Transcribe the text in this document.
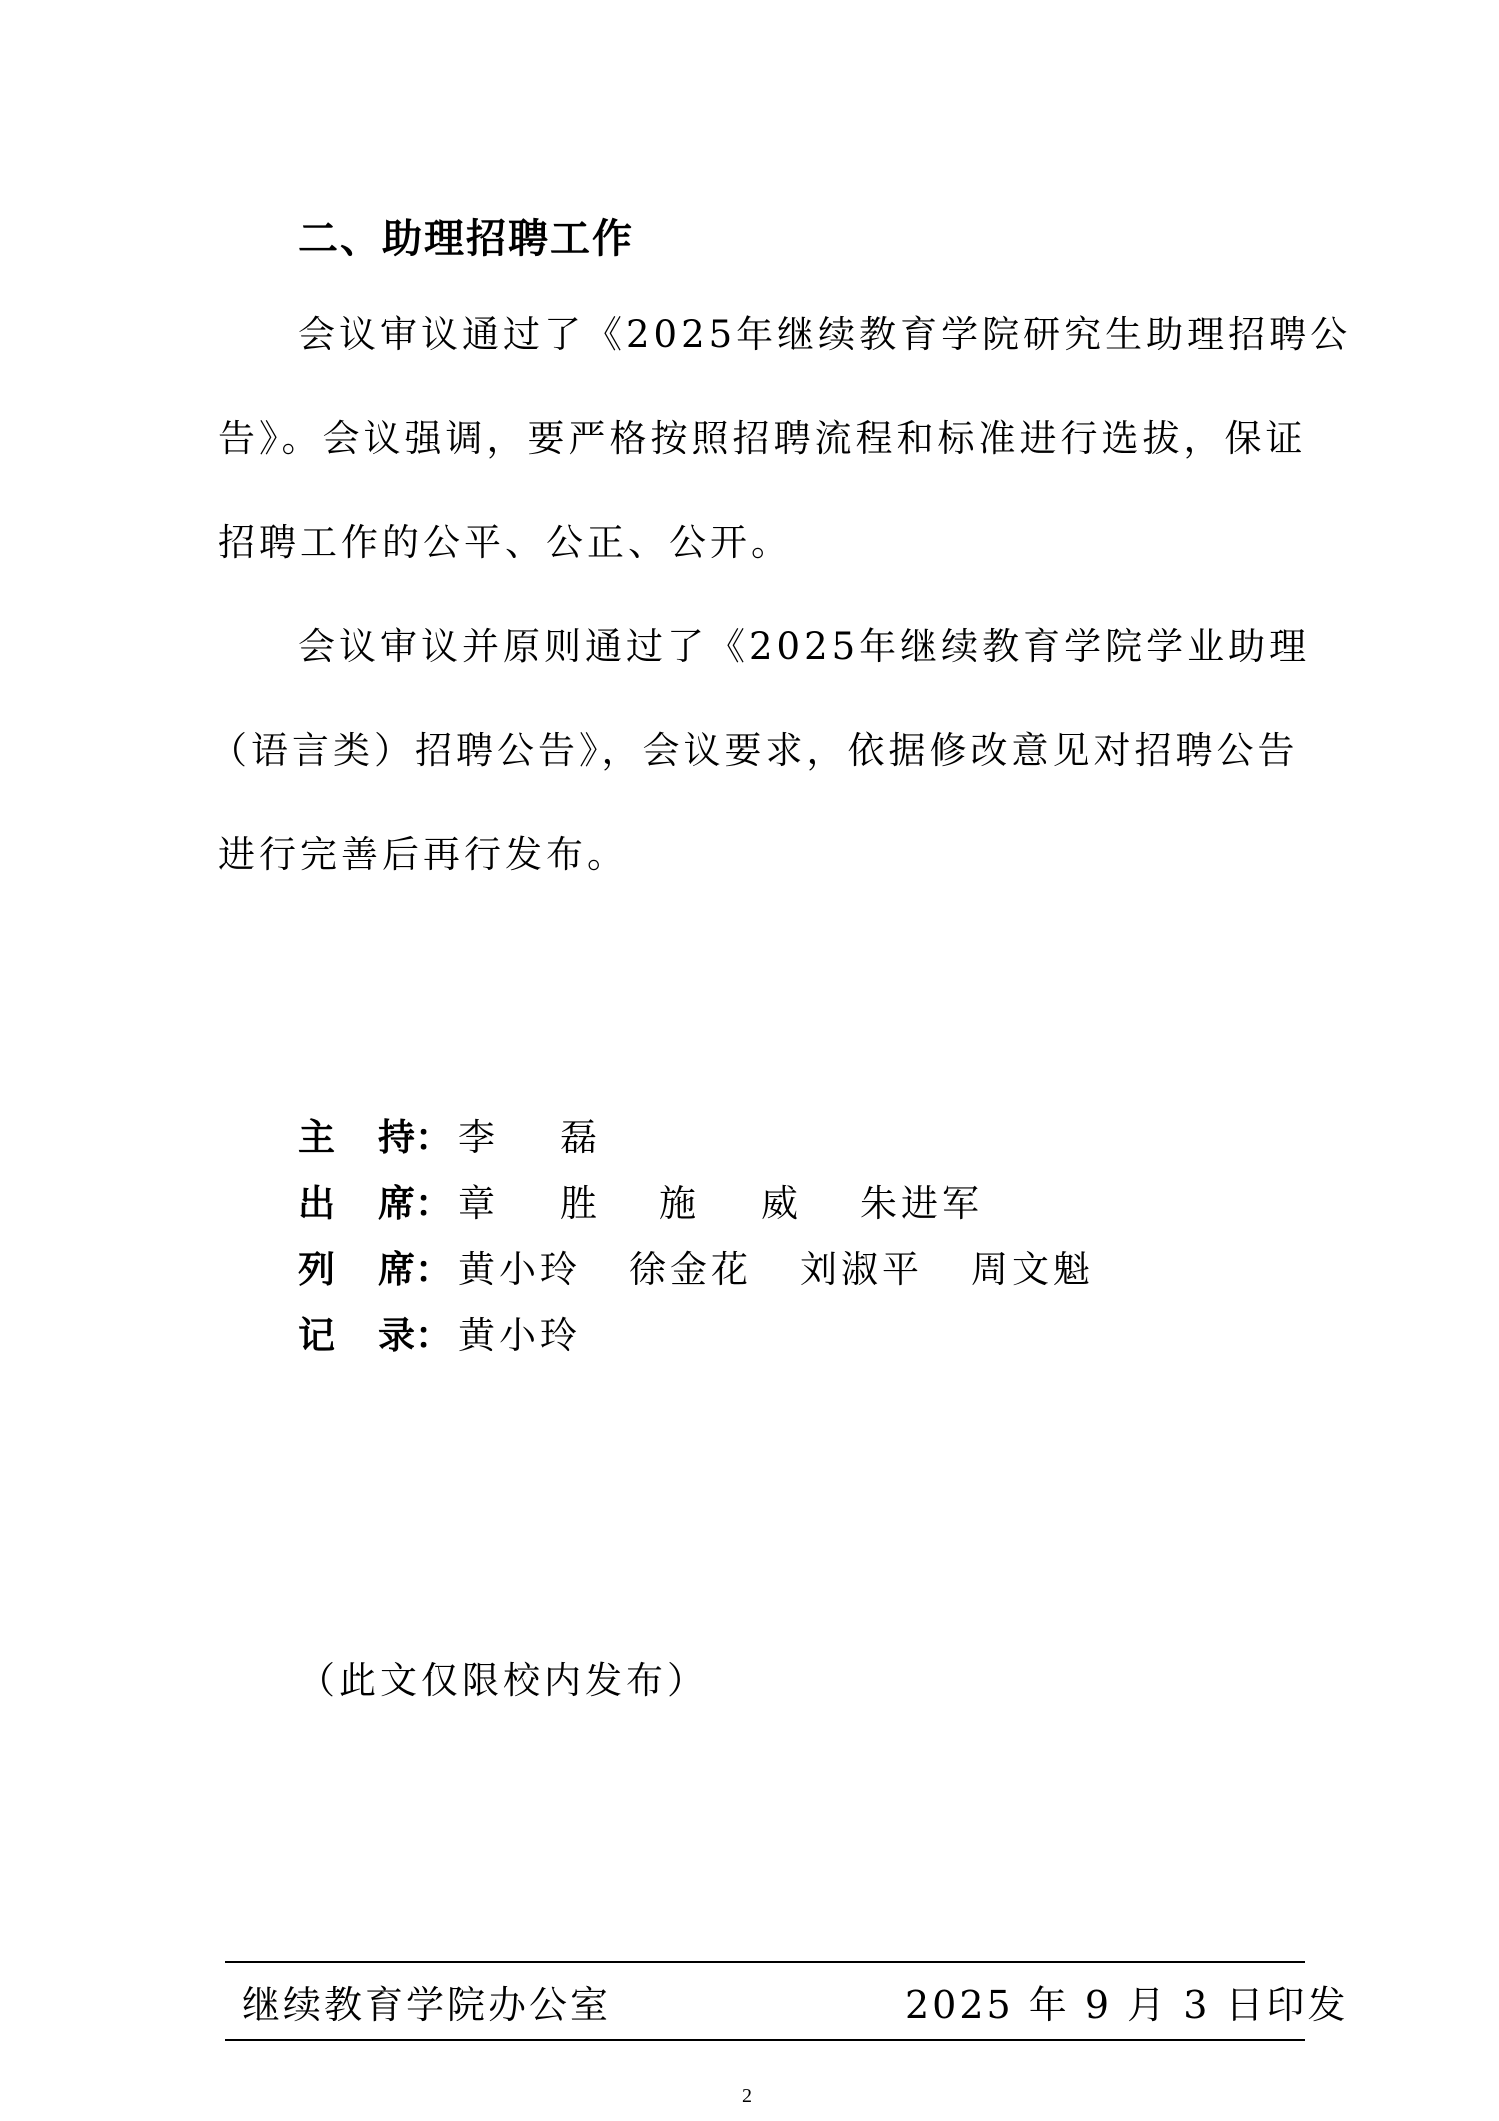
二、助理招聘工作
会议审议通过了《2025年继续教育学院研究生助理招聘公
告》。会议强调，要严格按照招聘流程和标准进行选拔，保证
招聘工作的公平、公正、公开。
会议审议并原则通过了《2025年继续教育学院学业助理
（语言类）招聘公告》，会议要求，依据修改意见对招聘公告
进行完善后再行发布。
主 持： 李　磊
出 席： 章　胜 施　威 朱进军
列 席： 黄小玲 徐金花 刘淑平 周文魁
记 录： 黄小玲
（此文仅限校内发布）
继续教育学院办公室	2025 年 9 月 3 日印发
2
